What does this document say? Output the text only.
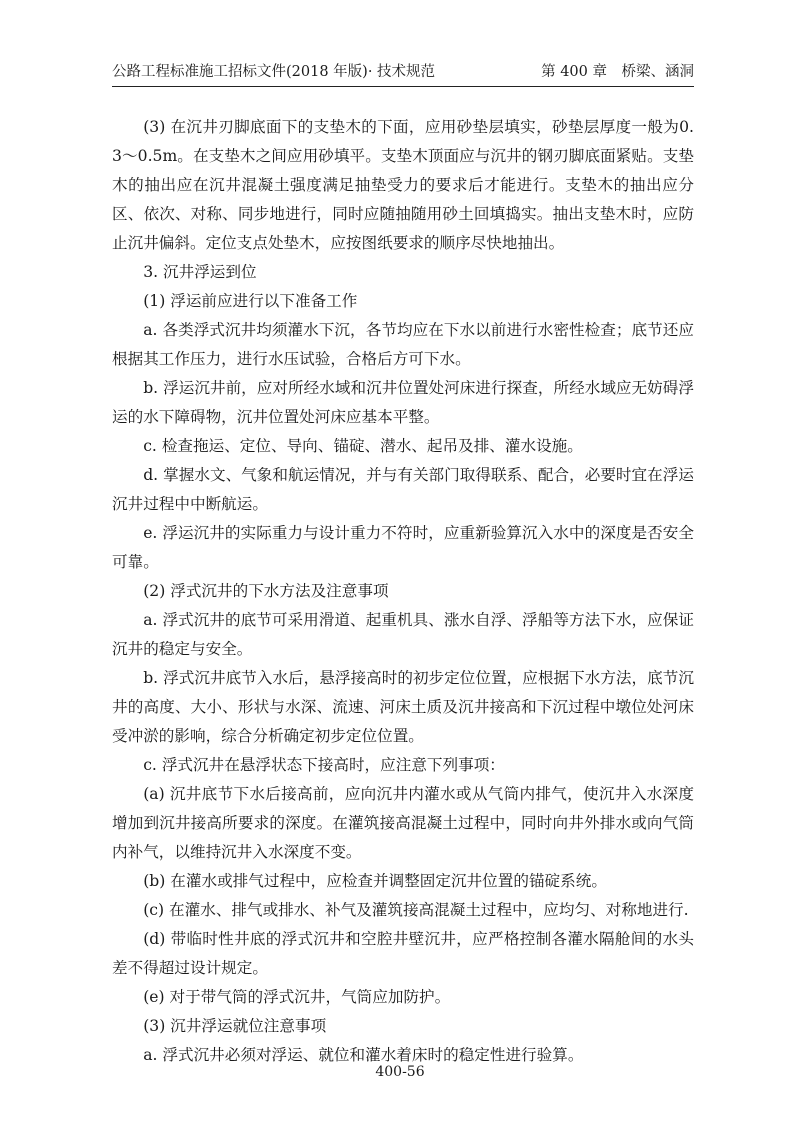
公路工程标准施工招标文件(2018 年版)· 技术规范	第 400 章　桥梁、涵洞

(3) 在沉井刃脚底面下的支垫木的下面，应用砂垫层填实，砂垫层厚度一般为0.3～0.5m。在支垫木之间应用砂填平。支垫木顶面应与沉井的钢刃脚底面紧贴。支垫木的抽出应在沉井混凝土强度满足抽垫受力的要求后才能进行。支垫木的抽出应分区、依次、对称、同步地进行，同时应随抽随用砂土回填捣实。抽出支垫木时，应防止沉井偏斜。定位支点处垫木，应按图纸要求的顺序尽快地抽出。

3. 沉井浮运到位

(1) 浮运前应进行以下准备工作

a. 各类浮式沉井均须灌水下沉，各节均应在下水以前进行水密性检查；底节还应根据其工作压力，进行水压试验，合格后方可下水。

b. 浮运沉井前，应对所经水域和沉井位置处河床进行探查，所经水域应无妨碍浮运的水下障碍物，沉井位置处河床应基本平整。

c. 检查拖运、定位、导向、锚碇、潜水、起吊及排、灌水设施。

d. 掌握水文、气象和航运情况，并与有关部门取得联系、配合，必要时宜在浮运沉井过程中中断航运。

e. 浮运沉井的实际重力与设计重力不符时，应重新验算沉入水中的深度是否安全可靠。

(2) 浮式沉井的下水方法及注意事项

a. 浮式沉井的底节可采用滑道、起重机具、涨水自浮、浮船等方法下水，应保证沉井的稳定与安全。

b. 浮式沉井底节入水后，悬浮接高时的初步定位位置，应根据下水方法，底节沉井的高度、大小、形状与水深、流速、河床土质及沉井接高和下沉过程中墩位处河床受冲淤的影响，综合分析确定初步定位位置。

c. 浮式沉井在悬浮状态下接高时，应注意下列事项：

(a) 沉井底节下水后接高前，应向沉井内灌水或从气筒内排气，使沉井入水深度增加到沉井接高所要求的深度。在灌筑接高混凝土过程中，同时向井外排水或向气筒内补气，以维持沉井入水深度不变。

(b) 在灌水或排气过程中，应检查并调整固定沉井位置的锚碇系统。

(c) 在灌水、排气或排水、补气及灌筑接高混凝土过程中，应均匀、对称地进行.

(d) 带临时性井底的浮式沉井和空腔井壁沉井，应严格控制各灌水隔舱间的水头差不得超过设计规定。

(e) 对于带气筒的浮式沉井，气筒应加防护。

(3) 沉井浮运就位注意事项

a. 浮式沉井必须对浮运、就位和灌水着床时的稳定性进行验算。

400-56
